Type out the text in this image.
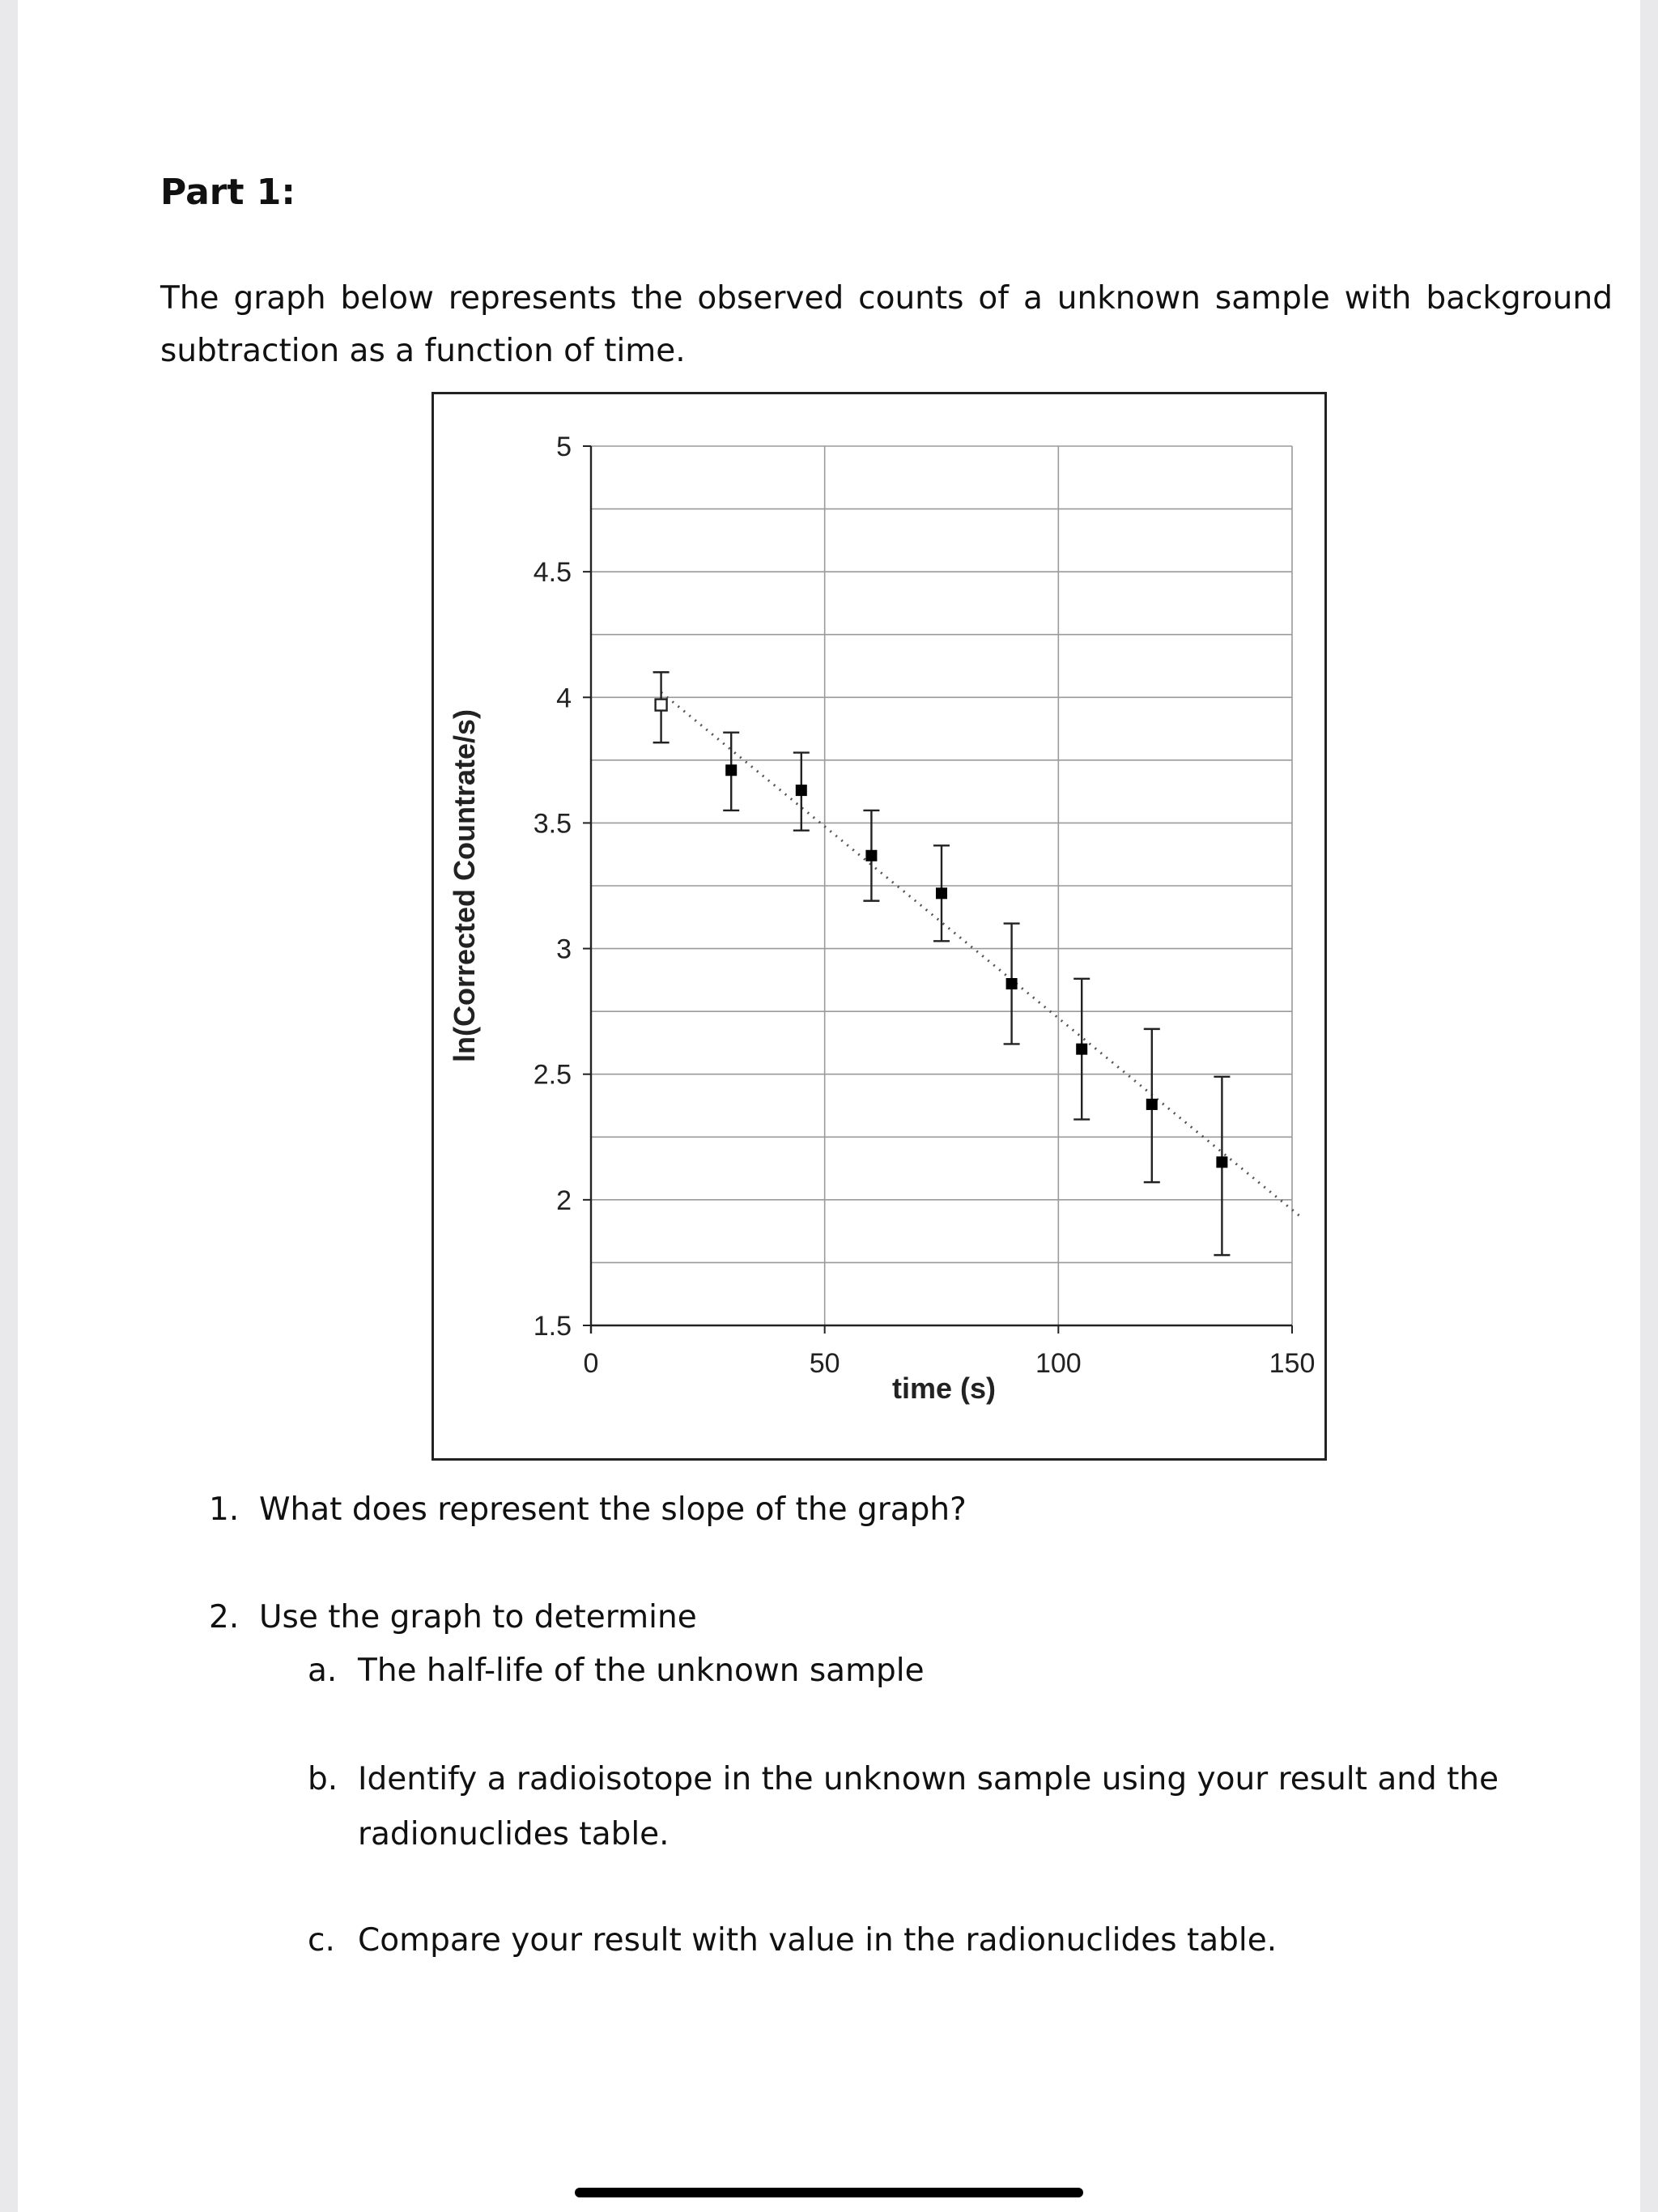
Part 1:
The graph below represents the observed counts of a unknown sample with background subtraction as a function of time.
5
4.5
4
3.5
3
2.5
2
1.5
0	50	100	150
time (s)
ln(Corrected Countrate/s)
1. What does represent the slope of the graph?
2. Use the graph to determine
a. The half-life of the unknown sample
b. Identify a radioisotope in the unknown sample using your result and the radionuclides table.
c. Compare your result with value in the radionuclides table.
